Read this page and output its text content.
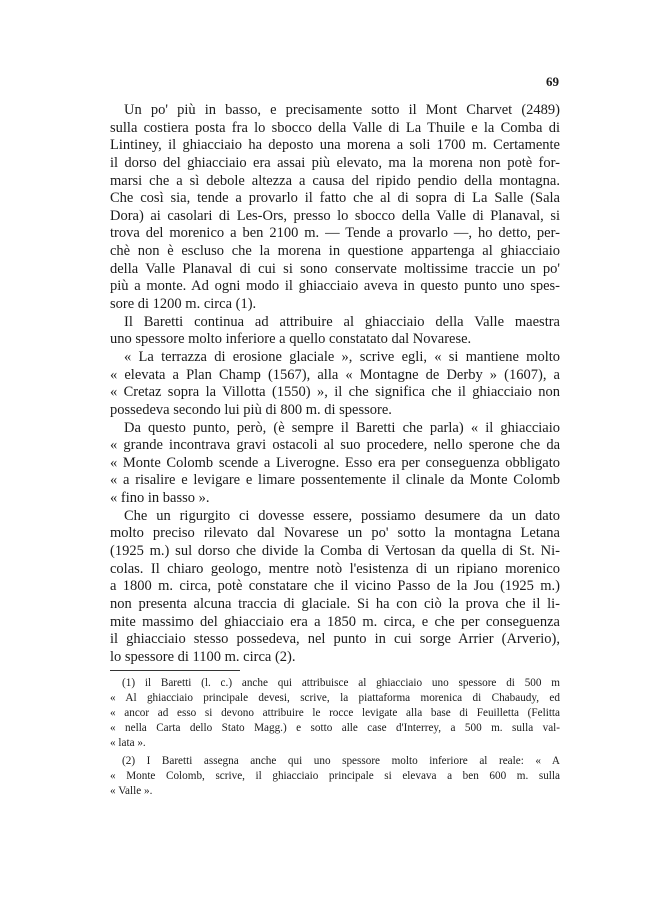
69
Un po' più in basso, e precisamente sotto il Mont Charvet (2489)
sulla costiera posta fra lo sbocco della Valle di La Thuile e la Comba di
Lintiney, il ghiacciaio ha deposto una morena a soli 1700 m. Certamente
il dorso del ghiacciaio era assai più elevato, ma la morena non potè for-
marsi che a sì debole altezza a causa del ripido pendio della montagna.
Che così sia, tende a provarlo il fatto che al di sopra di La Salle (Sala
Dora) ai casolari di Les-Ors, presso lo sbocco della Valle di Planaval, si
trova del morenico a ben 2100 m. — Tende a provarlo —, ho detto, per-
chè non è escluso che la morena in questione appartenga al ghiacciaio
della Valle Planaval di cui si sono conservate moltissime traccie un po'
più a monte. Ad ogni modo il ghiacciaio aveva in questo punto uno spes-
sore di 1200 m. circa (1).
Il Baretti continua ad attribuire al ghiacciaio della Valle maestra
uno spessore molto inferiore a quello constatato dal Novarese.
« La terrazza di erosione glaciale », scrive egli, « si mantiene molto
« elevata a Plan Champ (1567), alla « Montagne de Derby » (1607), a
« Cretaz sopra la Villotta (1550) », il che significa che il ghiacciaio non
possedeva secondo lui più di 800 m. di spessore.
Da questo punto, però, (è sempre il Baretti che parla) « il ghiacciaio
« grande incontrava gravi ostacoli al suo procedere, nello sperone che da
« Monte Colomb scende a Liverogne. Esso era per conseguenza obbligato
« a risalire e levigare e limare possentemente il clinale da Monte Colomb
« fino in basso ».
Che un rigurgito ci dovesse essere, possiamo desumere da un dato
molto preciso rilevato dal Novarese un po' sotto la montagna Letana
(1925 m.) sul dorso che divide la Comba di Vertosan da quella di St. Ni-
colas. Il chiaro geologo, mentre notò l'esistenza di un ripiano morenico
a 1800 m. circa, potè constatare che il vicino Passo de la Jou (1925 m.)
non presenta alcuna traccia di glaciale. Si ha con ciò la prova che il li-
mite massimo del ghiacciaio era a 1850 m. circa, e che per conseguenza
il ghiacciaio stesso possedeva, nel punto in cui sorge Arrier (Arverio),
lo spessore di 1100 m. circa (2).
(1) il Baretti (l. c.) anche qui attribuisce al ghiacciaio uno spessore di 500 m
« Al ghiacciaio principale devesi, scrive, la piattaforma morenica di Chabaudy, ed
« ancor ad esso si devono attribuire le rocce levigate alla base di Feuilletta (Felitta
« nella Carta dello Stato Magg.) e sotto alle case d'Interrey, a 500 m. sulla val-
« lata ».
(2) I Baretti assegna anche qui uno spessore molto inferiore al reale: « A
« Monte Colomb, scrive, il ghiacciaio principale si elevava a ben 600 m. sulla
« Valle ».
